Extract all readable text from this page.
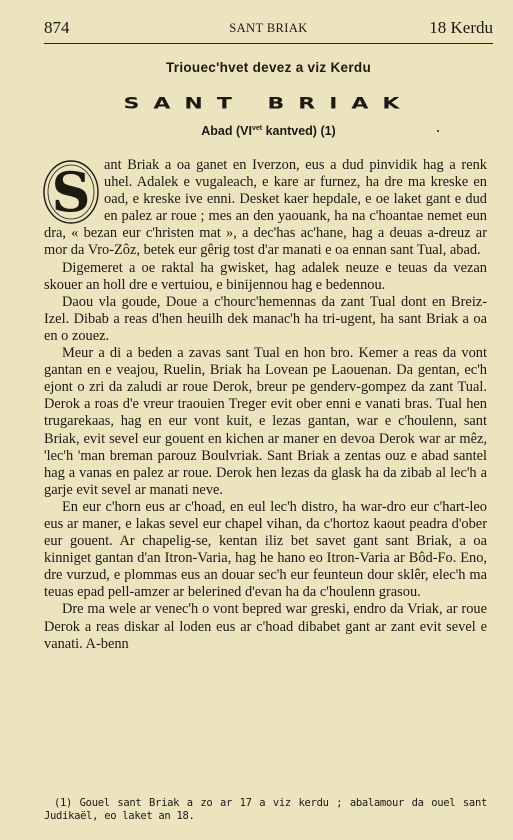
874	SANT BRIAK	18 Kerdu
Triouec'hvet devez a viz Kerdu
SANT BRIAK
Abad ($VI^{vet}$ kantved) (1)

S ant Briak a oa ganet en Iverzon, eus a dud pinvidik hag a renk uhel. Adalek e vugaleach, e kare ar furnez, ha dre ma kreske en oad, e kreske ive enni. Desket kaer hepdale, e oe laket gant e dud en palez ar roue ; mes an den yaouank, ha na c'hoantae nemet eun dra, « bezan eur c'hristen mat », a dec'has ac'hane, hag a deuas a-dreuz ar mor da Vro-Zôz, betek eur gêrig tost d'ar manati e oa ennan sant Tual, abad.

Digemeret a oe raktal ha gwisket, hag adalek neuze e teuas da vezan skouer an holl dre e vertuiou, e binijennou hag e bedennou.

Daou vla goude, Doue a c'hourc'hemennas da zant Tual dont en Breiz-Izel. Dibab a reas d'hen heuilh dek manac'h ha tri-ugent, ha sant Briak a oa en o zouez.

Meur a di a beden a zavas sant Tual en hon bro. Kemer a reas da vont gantan en e veajou, Ruelin, Briak ha Lovean pe Laouenan. Da gentan, ec'h ejont o zri da zaludi ar roue Derok, breur pe genderv-gompez da zant Tual. Derok a roas d'e vreur traouien Treger evit ober enni e vanati bras. Tual hen trugarekaas, hag en eur vont kuit, e lezas gantan, war e c'houlenn, sant Briak, evit sevel eur gouent en kichen ar maner en devoa Derok war ar mêz, 'lec'h 'man breman parouz Boulvriak. Sant Briak a zentas ouz e abad santel hag a vanas en palez ar roue. Derok hen lezas da glask ha da zibab al lec'h a garje evit sevel ar manati neve.

En eur c'horn eus ar c'hoad, en eul lec'h distro, ha war-dro eur c'hart-leo eus ar maner, e lakas sevel eur chapel vihan, da c'hortoz kaout peadra d'ober eur gouent. Ar chapelig-se, kentan iliz bet savet gant sant Briak, a oa kinniget gantan d'an Itron-Varia, hag he hano eo Itron-Varia ar Bôd-Fo. Eno, dre vurzud, e plommas eus an douar sec'h eur feunteun dour sklêr, elec'h ma teuas epad pell-amzer ar belerined d'evan ha da c'houlenn grasou.

Dre ma wele ar venec'h o vont bepred war greski, endro da Vriak, ar roue Derok a reas diskar al loden eus ar c'hoad dibabet gant ar zant evit sevel e vanati. A-benn

(1) Gouel sant Briak a zo ar 17 a viz kerdu ; abalamour da ouel sant Judikaël, eo laket an 18.
